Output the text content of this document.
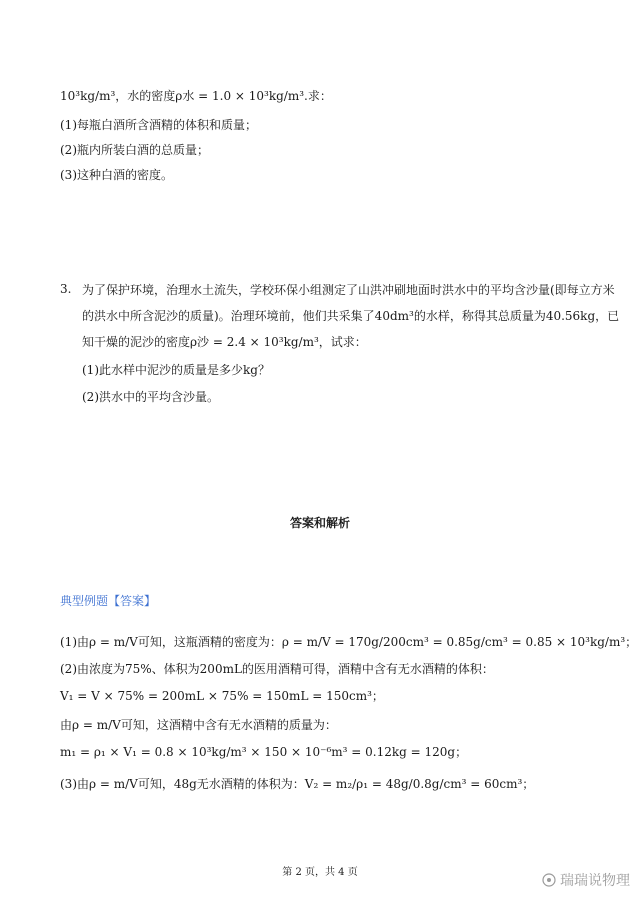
10³kg/m³，水的密度ρ水 = 1.0 × 10³kg/m³.求：
(1)每瓶白酒所含酒精的体积和质量；
(2)瓶内所装白酒的总质量；
(3)这种白酒的密度。
3. 为了保护环境，治理水土流失，学校环保小组测定了山洪冲刷地面时洪水中的平均含沙量(即每立方米
的洪水中所含泥沙的质量)。治理环境前，他们共采集了40dm³的水样，称得其总质量为40.56kg，已
知干燥的泥沙的密度ρ沙 = 2.4 × 10³kg/m³，试求：
(1)此水样中泥沙的质量是多少kg？
(2)洪水中的平均含沙量。
答案和解析
典型例题【答案】
(1)由ρ = m/V可知，这瓶酒精的密度为：ρ = m/V = 170g/200cm³ = 0.85g/cm³ = 0.85 × 10³kg/m³；
(2)由浓度为75%、体积为200mL的医用酒精可得，酒精中含有无水酒精的体积：
V₁ = V × 75% = 200mL × 75% = 150mL = 150cm³；
由ρ = m/V可知，这酒精中含有无水酒精的质量为：
m₁ = ρ₁ × V₁ = 0.8 × 10³kg/m³ × 150 × 10⁻⁶m³ = 0.12kg = 120g；
(3)由ρ = m/V可知，48g无水酒精的体积为：V₂ = m₂/ρ₁ = 48g/0.8g/cm³ = 60cm³；
第 2 页，共 4 页
瑞瑞说物理
